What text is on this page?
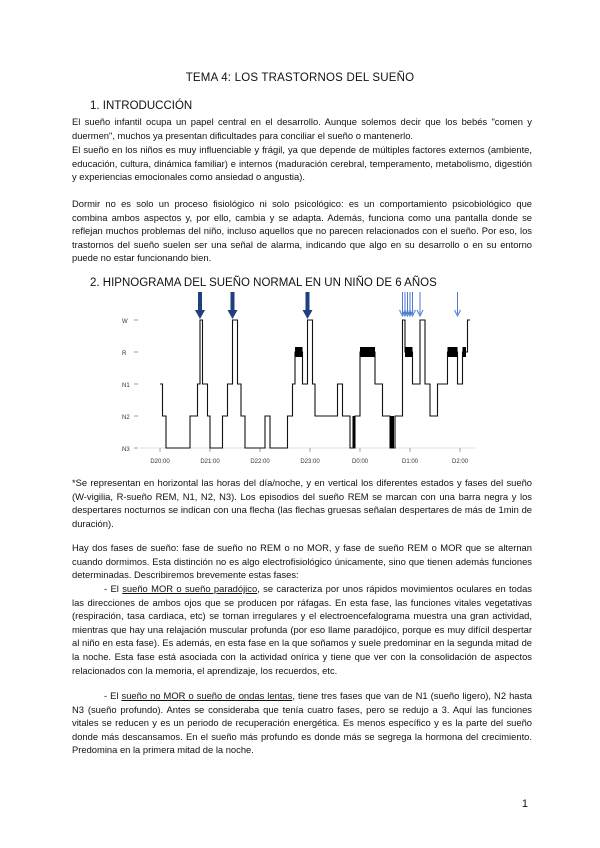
TEMA 4: LOS TRASTORNOS DEL SUEÑO
1. INTRODUCCIÓN
El sueño infantil ocupa un papel central en el desarrollo. Aunque solemos decir que los bebés "comen y duermen", muchos ya presentan dificultades para conciliar el sueño o mantenerlo.
El sueño en los niños es muy influenciable y frágil, ya que depende de múltiples factores externos (ambiente, educación, cultura, dinámica familiar) e internos (maduración cerebral, temperamento, metabolismo, digestión y experiencias emocionales como ansiedad o angustia).
Dormir no es solo un proceso fisiológico ni solo psicológico: es un comportamiento psicobiológico que combina ambos aspectos y, por ello, cambia y se adapta. Además, funciona como una pantalla donde se reflejan muchos problemas del niño, incluso aquellos que no parecen relacionados con el sueño. Por eso, los trastornos del sueño suelen ser una señal de alarma, indicando que algo en su desarrollo o en su entorno puede no estar funcionando bien.
2. HIPNOGRAMA DEL SUEÑO NORMAL EN UN NIÑO DE 6 AÑOS
W
R
N1
N2
N3
D20:00	D21:00	D22:00	D23:00	D0:00	D1:00	D2:00
*Se representan en horizontal las horas del día/noche, y en vertical los diferentes estados y fases del sueño (W-vigilia, R-sueño REM, N1, N2, N3). Los episodios del sueño REM se marcan con una barra negra y los despertares nocturnos se indican con una flecha (las flechas gruesas señalan despertares de más de 1min de duración).
Hay dos fases de sueño: fase de sueño no REM o no MOR, y fase de sueño REM o MOR que se alternan cuando dormimos. Esta distinción no es algo electrofisiológico únicamente, sino que tienen además funciones determinadas. Describiremos brevemente estas fases:
- El sueño MOR o sueño paradójico, se caracteriza por unos rápidos movimientos oculares en todas las direcciones de ambos ojos que se producen por ráfagas. En esta fase, las funciones vitales vegetativas (respiración, tasa cardiaca, etc) se tornan irregulares y el electroencefalograma muestra una gran actividad, mientras que hay una relajación muscular profunda (por eso llame paradójico, porque es muy difícil despertar al niño en esta fase). Es además, en esta fase en la que soñamos y suele predominar en la segunda mitad de la noche. Esta fase está asociada con la actividad onírica y tiene que ver con la consolidación de aspectos relacionados con la memoria, el aprendizaje, los recuerdos, etc.
- El sueño no MOR o sueño de ondas lentas, tiene tres fases que van de N1 (sueño ligero), N2 hasta N3 (sueño profundo). Antes se consideraba que tenía cuatro fases, pero se redujo a 3. Aquí las funciones vitales se reducen y es un periodo de recuperación energética. Es menos específico y es la parte del sueño donde más descansamos. En el sueño más profundo es donde más se segrega la hormona del crecimiento. Predomina en la primera mitad de la noche.
1
